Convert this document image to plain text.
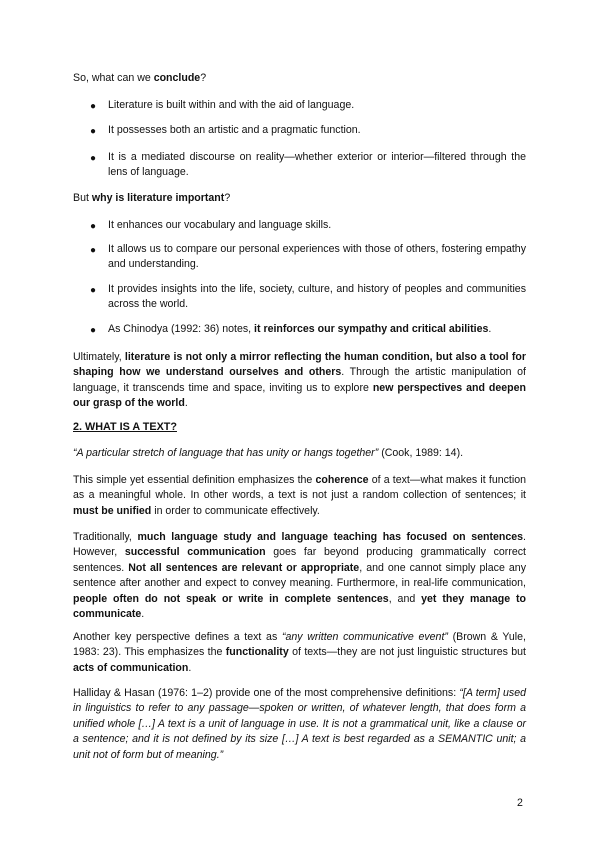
So, what can we conclude?

● Literature is built within and with the aid of language.

● It possesses both an artistic and a pragmatic function.

● It is a mediated discourse on reality—whether exterior or interior—filtered through the lens of language.

But why is literature important?

● It enhances our vocabulary and language skills.

● It allows us to compare our personal experiences with those of others, fostering empathy and understanding.

● It provides insights into the life, society, culture, and history of peoples and communities across the world.

● As Chinodya (1992: 36) notes, it reinforces our sympathy and critical abilities.

Ultimately, literature is not only a mirror reflecting the human condition, but also a tool for shaping how we understand ourselves and others. Through the artistic manipulation of language, it transcends time and space, inviting us to explore new perspectives and deepen our grasp of the world.

2. WHAT IS A TEXT?

“A particular stretch of language that has unity or hangs together” (Cook, 1989: 14).

This simple yet essential definition emphasizes the coherence of a text—what makes it function as a meaningful whole. In other words, a text is not just a random collection of sentences; it must be unified in order to communicate effectively.

Traditionally, much language study and language teaching has focused on sentences. However, successful communication goes far beyond producing grammatically correct sentences. Not all sentences are relevant or appropriate, and one cannot simply place any sentence after another and expect to convey meaning. Furthermore, in real-life communication, people often do not speak or write in complete sentences, and yet they manage to communicate.

Another key perspective defines a text as “any written communicative event” (Brown & Yule, 1983: 23). This emphasizes the functionality of texts—they are not just linguistic structures but acts of communication.

Halliday & Hasan (1976: 1–2) provide one of the most comprehensive definitions: “[A term] used in linguistics to refer to any passage—spoken or written, of whatever length, that does form a unified whole […] A text is a unit of language in use. It is not a grammatical unit, like a clause or a sentence; and it is not defined by its size […] A text is best regarded as a SEMANTIC unit; a unit not of form but of meaning.”

2
